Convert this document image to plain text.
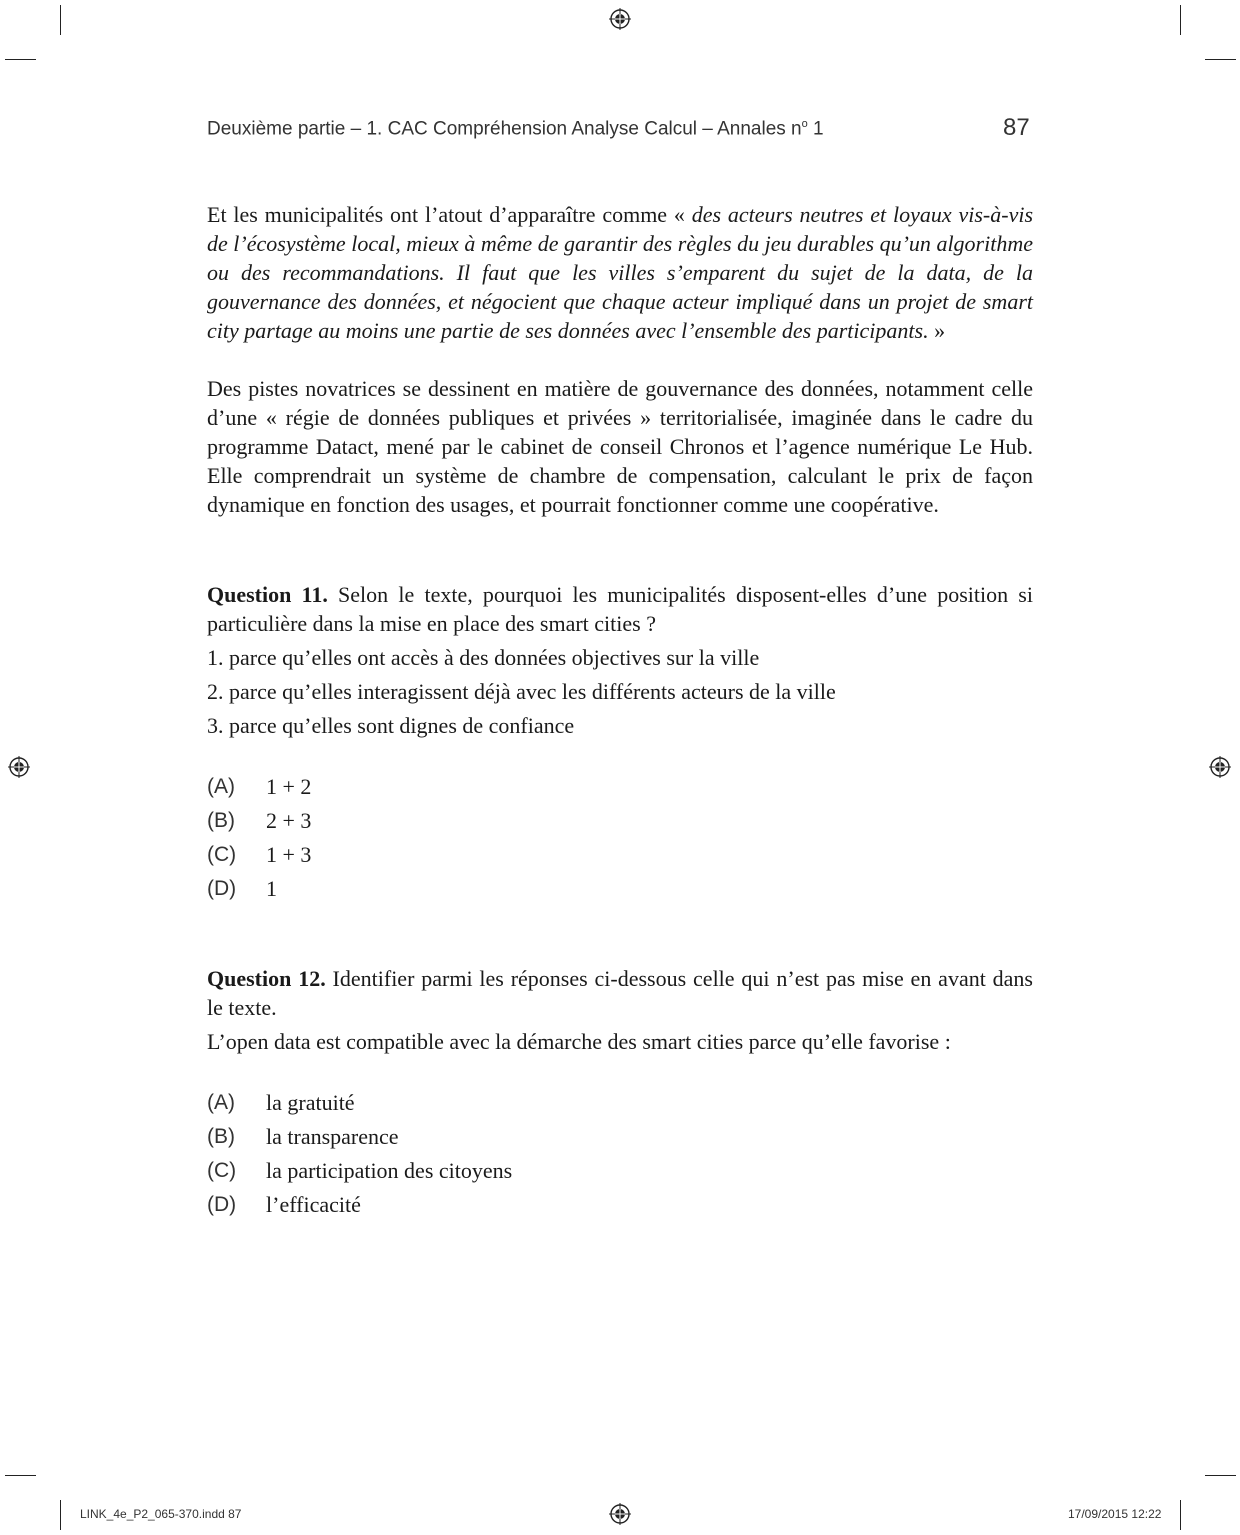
Deuxième partie – 1. CAC Compréhension Analyse Calcul – Annales $n^o$ 1	87

Et les municipalités ont l’atout d’apparaître comme « des acteurs neutres et loyaux vis-à-vis de l’écosystème local, mieux à même de garantir des règles du jeu durables qu’un algorithme ou des recommandations. Il faut que les villes s’emparent du sujet de la data, de la gouvernance des données, et négocient que chaque acteur impliqué dans un projet de smart city partage au moins une partie de ses données avec l’ensemble des participants. »

Des pistes novatrices se dessinent en matière de gouvernance des données, notamment celle d’une « régie de données publiques et privées » territorialisée, imaginée dans le cadre du programme Datact, mené par le cabinet de conseil Chronos et l’agence numérique Le Hub. Elle comprendrait un système de chambre de compensation, calculant le prix de façon dynamique en fonction des usages, et pourrait fonctionner comme une coopérative.

Question 11. Selon le texte, pourquoi les municipalités disposent-elles d’une position si particulière dans la mise en place des smart cities ?

1. parce qu’elles ont accès à des données objectives sur la ville

2. parce qu’elles interagissent déjà avec les différents acteurs de la ville

3. parce qu’elles sont dignes de confiance

(A)	1 + 2
(B)	2 + 3
(C)	1 + 3
(D)	1

Question 12. Identifier parmi les réponses ci-dessous celle qui n’est pas mise en avant dans le texte.

L’open data est compatible avec la démarche des smart cities parce qu’elle favorise :

(A)	la gratuité
(B)	la transparence
(C)	la participation des citoyens
(D)	l’efficacité
LINK_4e_P2_065-370.indd 87	17/09/2015 12:22
